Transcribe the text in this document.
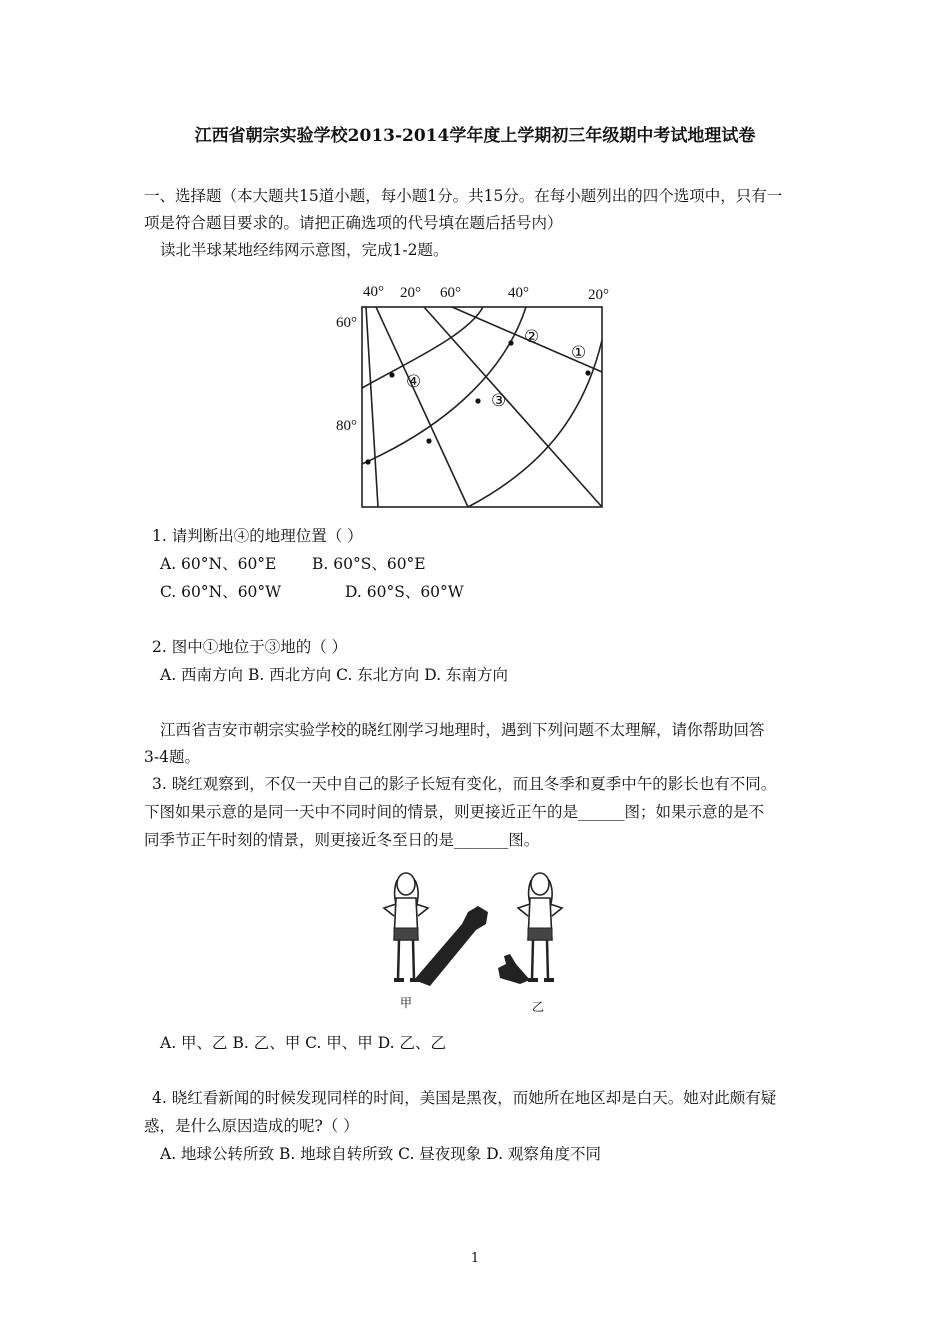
江西省朝宗实验学校2013-2014学年度上学期初三年级期中考试地理试卷
一、选择题（本大题共15道小题，每小题1分。共15分。在每小题列出的四个选项中，只有一
项是符合题目要求的。请把正确选项的代号填在题后括号内）
读北半球某地经纬网示意图，完成1-2题。
40° 20° 60°	40°	20°
60°
80°
①
②
③
④
1. 请判断出④的地理位置（ ）
A. 60°N、60°E B. 60°S、60°E
C. 60°N、60°W	D. 60°S、60°W
2. 图中①地位于③地的（ ）
A. 西南方向 B. 西北方向 C. 东北方向 D. 东南方向
江西省吉安市朝宗实验学校的晓红刚学习地理时，遇到下列问题不太理解，请你帮助回答
3-4题。
3. 晓红观察到，不仅一天中自己的影子长短有变化，而且冬季和夏季中午的影长也有不同。
下图如果示意的是同一天中不同时间的情景，则更接近正午的是______图；如果示意的是不
同季节正午时刻的情景，则更接近冬至日的是_______图。
甲	乙
A. 甲、乙 B. 乙、甲 C. 甲、甲 D. 乙、乙
4. 晓红看新闻的时候发现同样的时间，美国是黑夜，而她所在地区却是白天。她对此颇有疑
惑，是什么原因造成的呢?（ ）
A. 地球公转所致 B. 地球自转所致 C. 昼夜现象 D. 观察角度不同
1
